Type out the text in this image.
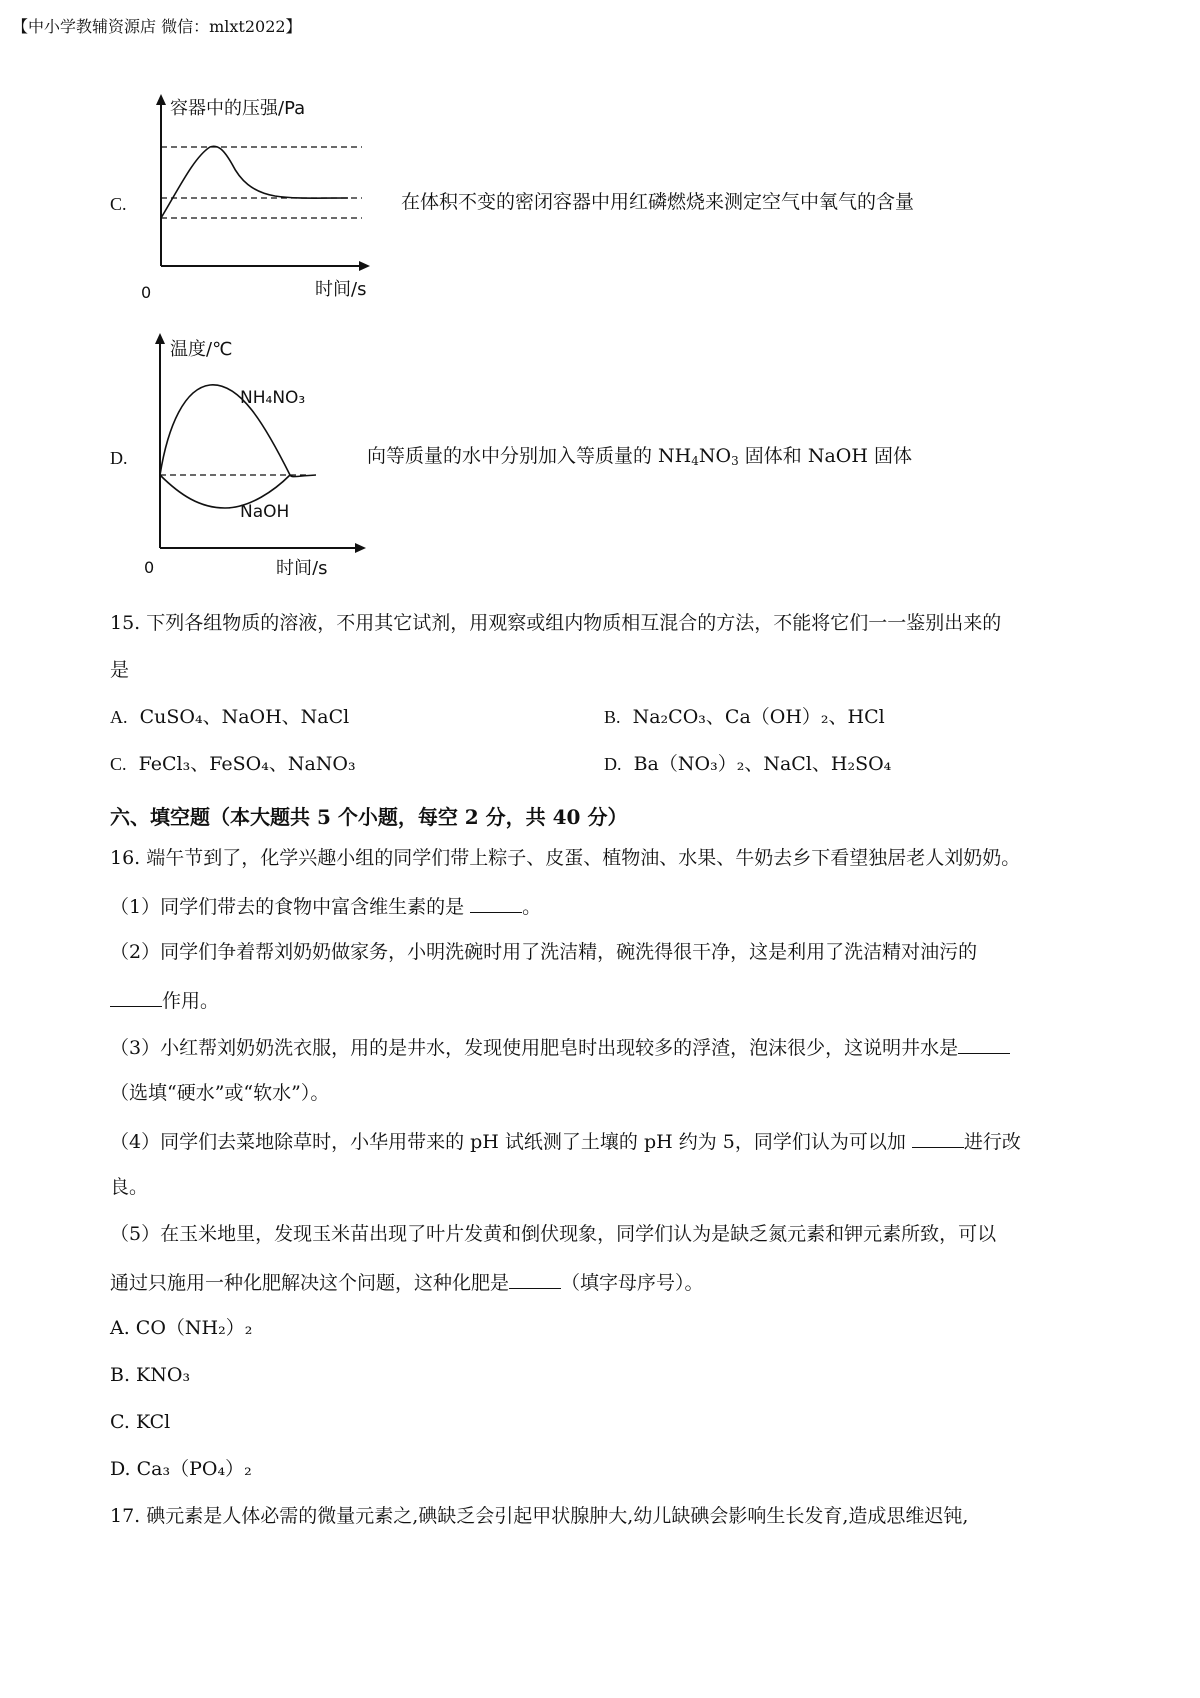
【中小学教辅资源店 微信：mlxt2022】
C.
容器中的压强/Pa
时间/s
0
在体积不变的密闭容器中用红磷燃烧来测定空气中氧气的含量
D.
温度/℃
NH₄NO₃
NaOH
时间/s
0
向等质量的水中分别加入等质量的 $NH_4NO_3$ 固体和 NaOH 固体
15. 下列各组物质的溶液，不用其它试剂，用观察或组内物质相互混合的方法，不能将它们一一鉴别出来的
是
A. CuSO₄、NaOH、NaCl	B. Na₂CO₃、Ca（OH）₂、HCl
C. FeCl₃、FeSO₄、NaNO₃	D. Ba（NO₃）₂、NaCl、H₂SO₄
六、填空题（本大题共 5 个小题，每空 2 分，共 40 分）
16. 端午节到了，化学兴趣小组的同学们带上粽子、皮蛋、植物油、水果、牛奶去乡下看望独居老人刘奶奶。
（1）同学们带去的食物中富含维生素的是	。
（2）同学们争着帮刘奶奶做家务，小明洗碗时用了洗洁精，碗洗得很干净，这是利用了洗洁精对油污的
作用。
（3）小红帮刘奶奶洗衣服，用的是井水，发现使用肥皂时出现较多的浮渣，泡沫很少，这说明井水是
（选填“硬水”或“软水”）。
（4）同学们去菜地除草时，小华用带来的 pH 试纸测了土壤的 pH 约为 5，同学们认为可以加	进行改
良。
（5）在玉米地里，发现玉米苗出现了叶片发黄和倒伏现象，同学们认为是缺乏氮元素和钾元素所致，可以
通过只施用一种化肥解决这个问题，这种化肥是	（填字母序号）。
A. CO（NH₂）₂
B. KNO₃
C. KCl
D. Ca₃（PO₄）₂
17. 碘元素是人体必需的微量元素之,碘缺乏会引起甲状腺肿大,幼儿缺碘会影响生长发育,造成思维迟钝,
